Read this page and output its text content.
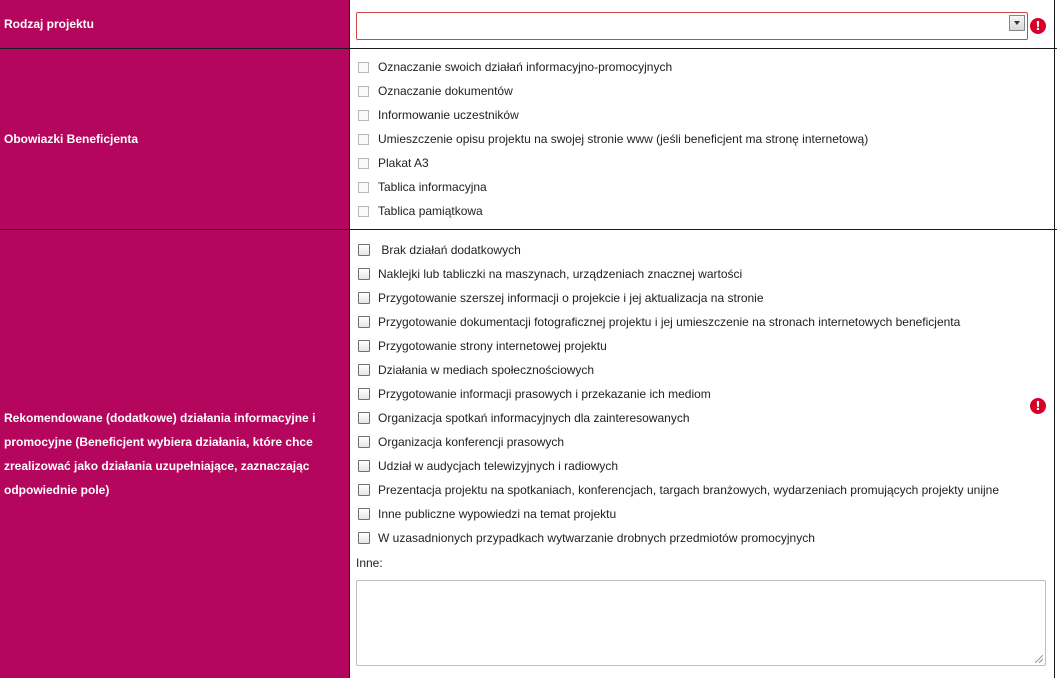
Rodzaj projektu
Obowiazki Beneficjenta
Rekomendowane (dodatkowe) działania informacyjne i promocyjne (Beneficjent wybiera działania, które chce zrealizować jako działania uzupełniające, zaznaczając odpowiednie pole)
!
Oznaczanie swoich działań informacyjno-promocyjnych
Oznaczanie dokumentów
Informowanie uczestników
Umieszczenie opisu projektu na swojej stronie www (jeśli beneficjent ma stronę internetową)
Plakat A3
Tablica informacyjna
Tablica pamiątkowa
Brak działań dodatkowych
Naklejki lub tabliczki na maszynach, urządzeniach znacznej wartości
Przygotowanie szerszej informacji o projekcie i jej aktualizacja na stronie
Przygotowanie dokumentacji fotograficznej projektu i jej umieszczenie na stronach internetowych beneficjenta
Przygotowanie strony internetowej projektu
Działania w mediach społecznościowych
Przygotowanie informacji prasowych i przekazanie ich mediom
Organizacja spotkań informacyjnych dla zainteresowanych
Organizacja konferencji prasowych
Udział w audycjach telewizyjnych i radiowych
Prezentacja projektu na spotkaniach, konferencjach, targach branżowych, wydarzeniach promujących projekty unijne
Inne publiczne wypowiedzi na temat projektu
W uzasadnionych przypadkach wytwarzanie drobnych przedmiotów promocyjnych
!
Inne:
